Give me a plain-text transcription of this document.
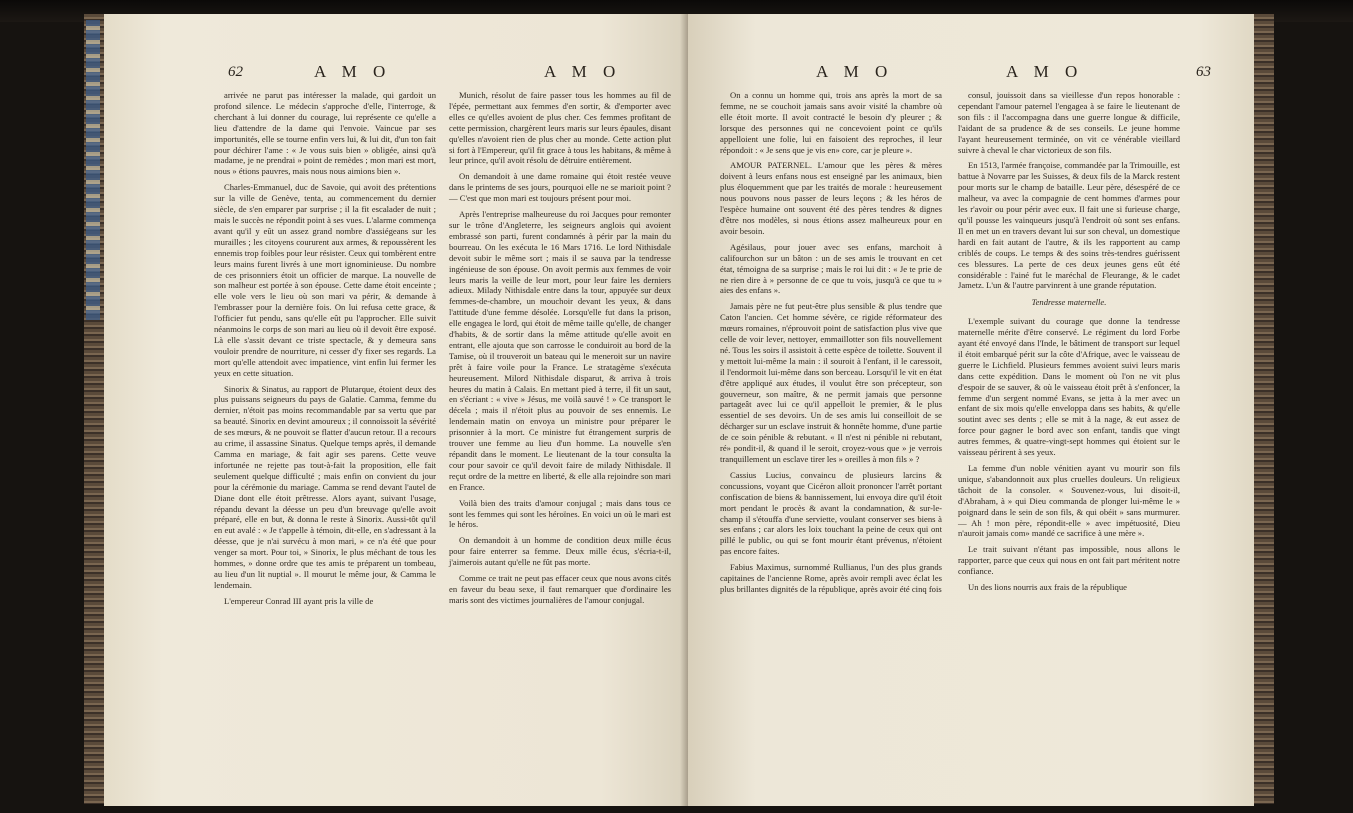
62	A M O	A M O

arrivée ne parut pas intéresser la malade, qui gardoit un profond silence. Le médecin s'approche d'elle, l'interroge, & cherchant à lui donner du courage, lui représente ce qu'elle a lieu d'attendre de la dame qui l'envoie. Vaincue par ses importunités, elle se tourne enfin vers lui, & lui dit, d'un ton fait pour déchirer l'ame : « Je vous suis bien » obligée, ainsi qu'à madame, je ne prendrai » point de remèdes ; mon mari est mort, nous » étions pauvres, mais nous nous aimions bien ».

Charles-Emmanuel, duc de Savoie, qui avoit des prétentions sur la ville de Genève, tenta, au commencement du dernier siècle, de s'en emparer par surprise ; il la fit escalader de nuit ; mais le succès ne répondit point à ses vues. L'alarme commença avant qu'il y eût un assez grand nombre d'assiégeans sur les murailles ; les citoyens coururent aux armes, & repoussèrent les ennemis trop foibles pour leur résister. Ceux qui tombèrent entre leurs mains furent livrés à une mort ignominieuse. Du nombre de ces prisonniers étoit un officier de marque. La nouvelle de son malheur est portée à son épouse. Cette dame étoit enceinte ; elle vole vers le lieu où son mari va périr, & demande à l'embrasser pour la dernière fois. On lui refusa cette grace, & l'officier fut pendu, sans qu'elle eût pu l'approcher. Elle suivit néanmoins le corps de son mari au lieu où il devoit être exposé. Là elle s'assit devant ce triste spectacle, & y demeura sans vouloir prendre de nourriture, ni cesser d'y fixer ses regards. La mort qu'elle attendoit avec impatience, vint enfin lui fermer les yeux en cette situation.

Sinorix & Sinatus, au rapport de Plutarque, étoient deux des plus puissans seigneurs du pays de Galatie. Camma, femme du dernier, n'étoit pas moins recommandable par sa vertu que par sa beauté. Sinorix en devint amoureux ; il connoissoit la sévérité de ses mœurs, & ne pouvoit se flatter d'aucun retour. Il a recours au crime, il assassine Sinatus. Quelque temps après, il demande Camma en mariage, & fait agir ses parens. Cette veuve infortunée ne rejette pas tout-à-fait la proposition, elle fait seulement quelque difficulté ; mais enfin on convient du jour pour la cérémonie du mariage. Camma se rend devant l'autel de Diane dont elle étoit prêtresse. Alors ayant, suivant l'usage, répandu devant la déesse un peu d'un breuvage qu'elle avoit préparé, elle en but, & donna le reste à Sinorix. Aussi-tôt qu'il en eut avalé : « Je t'appelle à témoin, dit-elle, en s'adressant à la déesse, que je n'ai survécu à mon mari, » ce n'a été que pour venger sa mort. Pour toi, » Sinorix, le plus méchant de tous les hommes, » donne ordre que tes amis te préparent un tombeau, au lieu d'un lit nuptial ». Il mourut le même jour, & Camma le lendemain.

L'empereur Conrad III ayant pris la ville de

Munich, résolut de faire passer tous les hommes au fil de l'épée, permettant aux femmes d'en sortir, & d'emporter avec elles ce qu'elles avoient de plus cher. Ces femmes profitant de cette permission, chargèrent leurs maris sur leurs épaules, disant qu'elles n'avoient rien de plus cher au monde. Cette action plut si fort à l'Empereur, qu'il fit grace à tous les habitans, & même à leur prince, qu'il avoit résolu de détruire entièrement.

On demandoit à une dame romaine qui étoit restée veuve dans le printems de ses jours, pourquoi elle ne se marioit point ? — C'est que mon mari est toujours présent pour moi.

Après l'entreprise malheureuse du roi Jacques pour remonter sur le trône d'Angleterre, les seigneurs anglois qui avoient embrassé son parti, furent condamnés à périr par la main du bourreau. On les exécuta le 16 Mars 1716. Le lord Nithisdale devoit subir le même sort ; mais il se sauva par la tendresse ingénieuse de son épouse. On avoit permis aux femmes de voir leurs maris la veille de leur mort, pour leur faire les derniers adieux. Milady Nithisdale entre dans la tour, appuyée sur deux femmes-de-chambre, un mouchoir devant les yeux, & dans l'attitude d'une femme désolée. Lorsqu'elle fut dans la prison, elle engagea le lord, qui étoit de même taille qu'elle, de changer d'habits, & de sortir dans la même attitude qu'elle avoit en entrant, elle ajouta que son carrosse le conduiroit au bord de la Tamise, où il trouveroit un bateau qui le meneroit sur un navire prêt à faire voile pour la France. Le stratagème s'exécuta heureusement. Milord Nithisdale disparut, & arriva à trois heures du matin à Calais. En mettant pied à terre, il fit un saut, en s'écriant : « vive » Jésus, me voilà sauvé ! » Ce transport le décela ; mais il n'étoit plus au pouvoir de ses ennemis. Le lendemain matin on envoya un ministre pour préparer le prisonnier à la mort. Ce ministre fut étrangement surpris de trouver une femme au lieu d'un homme. La nouvelle s'en répandit dans le moment. Le lieutenant de la tour consulta la cour pour savoir ce qu'il devoit faire de milady Nithisdale. Il reçut ordre de la mettre en liberté, & elle alla rejoindre son mari en France.

Voilà bien des traits d'amour conjugal ; mais dans tous ce sont les femmes qui sont les héroïnes. En voici un où le mari est le héros.

On demandoit à un homme de condition deux mille écus pour faire enterrer sa femme. Deux mille écus, s'écria-t-il, j'aimerois autant qu'elle ne fût pas morte.

Comme ce trait ne peut pas effacer ceux que nous avons cités en faveur du beau sexe, il faut remarquer que d'ordinaire les maris sont des victimes journalières de l'amour conjugal.

A M O	A M O	63

On a connu un homme qui, trois ans après la mort de sa femme, ne se couchoit jamais sans avoir visité la chambre où elle étoit morte. Il avoit contracté le besoin d'y pleurer ; & lorsque des personnes qui ne concevoient point ce qu'ils appelloient une folie, lui en faisoient des reproches, il leur répondoit : « Je sens que je vis en» core, car je pleure ».

AMOUR PATERNEL. L'amour que les pères & mères doivent à leurs enfans nous est enseigné par les animaux, bien plus éloquemment que par les traités de morale : heureusement nous pouvons nous passer de leurs leçons ; & les héros de l'espèce humaine ont souvent été des pères tendres & dignes d'être nos modèles, si nous étions assez malheureux pour en avoir besoin.

Agésilaus, pour jouer avec ses enfans, marchoit à califourchon sur un bâton : un de ses amis le trouvant en cet état, témoigna de sa surprise ; mais le roi lui dit : « Je te prie de ne rien dire à » personne de ce que tu vois, jusqu'à ce que tu » aies des enfans ».

Jamais père ne fut peut-être plus sensible & plus tendre que Caton l'ancien. Cet homme sévère, ce rigide réformateur des mœurs romaines, n'éprouvoit point de satisfaction plus vive que celle de voir lever, nettoyer, emmaillotter son fils nouvellement né. Tous les soirs il assistoit à cette espèce de toilette. Souvent il y mettoit lui-même la main : il souroit à l'enfant, il le caressoit, il l'endormoit lui-même dans son berceau. Lorsqu'il le vit en état d'être appliqué aux études, il voulut être son précepteur, son gouverneur, son maître, & ne permit jamais que personne partageât avec lui ce qu'il appelloit le premier, & le plus essentiel de ses devoirs. Un de ses amis lui conseilloit de se décharger sur un esclave instruit & honnête homme, d'une partie de ce soin pénible & rebutant. « Il n'est ni pénible ni rebutant, ré» pondit-il, & quand il le seroit, croyez-vous que » je verrois tranquillement un esclave tirer les » oreilles à mon fils » ?

Cassius Lucius, convaincu de plusieurs larcins & concussions, voyant que Cicéron alloit prononcer l'arrêt portant confiscation de biens & bannissement, lui envoya dire qu'il étoit mort pendant le procès & avant la condamnation, & sur-le-champ il s'étouffa d'une serviette, voulant conserver ses biens à ses enfans ; car alors les loix touchant la peine de ceux qui ont pillé le public, ou qui se font mourir étant prévenus, n'étoient pas encore faites.

Fabius Maximus, surnommé Rullianus, l'un des plus grands capitaines de l'ancienne Rome, après avoir rempli avec éclat les plus brillantes dignités de la république, après avoir été cinq fois

consul, jouissoit dans sa vieillesse d'un repos honorable : cependant l'amour paternel l'engagea à se faire le lieutenant de son fils : il l'accompagna dans une guerre longue & difficile, l'aidant de sa prudence & de ses conseils. Le jeune homme l'ayant heureusement terminée, on vit ce vénérable vieillard suivre à cheval le char victorieux de son fils.

En 1513, l'armée françoise, commandée par la Trimouille, est battue à Novarre par les Suisses, & deux fils de la Marck restent pour morts sur le champ de bataille. Leur père, désespéré de ce malheur, va avec la compagnie de cent hommes d'armes pour les r'avoir ou pour périr avec eux. Il fait une si furieuse charge, qu'il pousse les vainqueurs jusqu'à l'endroit où sont ses enfans. Il en met un en travers devant lui sur son cheval, un domestique hardi en fait autant de l'autre, & ils les rapportent au camp criblés de coups. Le temps & des soins très-tendres guérissent ces blessures. La perte de ces deux jeunes gens eût été considérable : l'ainé fut le maréchal de Fleurange, & le cadet Jametz. L'un & l'autre parvinrent à une grande réputation.

Tendresse maternelle.

L'exemple suivant du courage que donne la tendresse maternelle mérite d'être conservé. Le régiment du lord Forbe ayant été envoyé dans l'Inde, le bâtiment de transport sur lequel il étoit embarqué périt sur la côte d'Afrique, avec le vaisseau de guerre le Lichfield. Plusieurs femmes avoient suivi leurs maris dans cette expédition. Dans le moment où l'on ne vit plus d'espoir de se sauver, & où le vaisseau étoit prêt à s'enfoncer, la femme d'un sergent nommé Evans, se jetta à la mer avec un enfant de six mois qu'elle enveloppa dans ses habits, & qu'elle soutint avec ses dents ; elle se mit à la nage, & eut assez de force pour gagner le bord avec son enfant, tandis que vingt autres femmes, & quatre-vingt-sept hommes qui étoient sur le vaisseau périrent à ses yeux.

La femme d'un noble vénitien ayant vu mourir son fils unique, s'abandonnoit aux plus cruelles douleurs. Un religieux tâchoit de la consoler. « Souvenez-vous, lui disoit-il, d'Abraham, à » qui Dieu commanda de plonger lui-même le » poignard dans le sein de son fils, & qui obéit » sans murmurer. — Ah ! mon père, répondit-elle » avec impétuosité, Dieu n'auroit jamais com» mandé ce sacrifice à une mère ».

Le trait suivant n'étant pas impossible, nous allons le rapporter, parce que ceux qui nous en ont fait part méritent notre confiance.

Un des lions nourris aux frais de la république
